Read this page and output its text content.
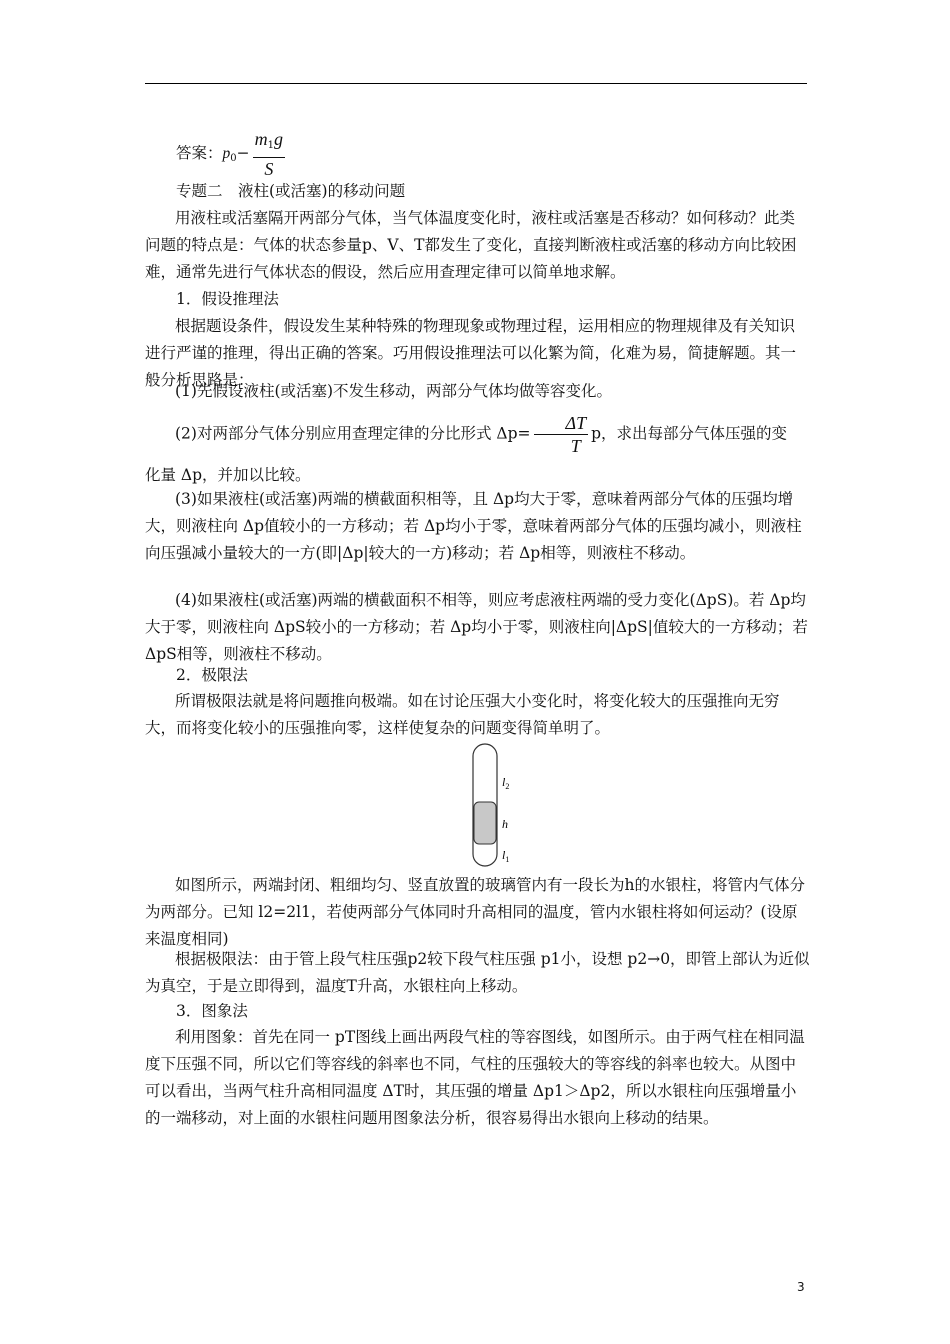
答案：$p_0- \frac{m_1g}{S}$

专题二　液柱(或活塞)的移动问题

用液柱或活塞隔开两部分气体，当气体温度变化时，液柱或活塞是否移动？如何移动？此类问题的特点是：气体的状态参量p、V、T都发生了变化，直接判断液柱或活塞的移动方向比较困难，通常先进行气体状态的假设，然后应用查理定律可以简单地求解。

1．假设推理法

根据题设条件，假设发生某种特殊的物理现象或物理过程，运用相应的物理规律及有关知识进行严谨的推理，得出正确的答案。巧用假设推理法可以化繁为简，化难为易，简捷解题。其一般分析思路是：

(1)先假设液柱(或活塞)不发生移动，两部分气体均做等容变化。

(2)对两部分气体分别应用查理定律的分比形式 $\Delta p= \frac{\Delta T}{T}$ p，求出每部分气体压强的变

化量 Δp，并加以比较。

(3)如果液柱(或活塞)两端的横截面积相等，且 Δp均大于零，意味着两部分气体的压强均增大，则液柱向 Δp值较小的一方移动；若 Δp均小于零，意味着两部分气体的压强均减小，则液柱向压强减小量较大的一方(即|Δp|较大的一方)移动；若 Δp相等，则液柱不移动。

(4)如果液柱(或活塞)两端的横截面积不相等，则应考虑液柱两端的受力变化(ΔpS)。若 Δp均大于零，则液柱向 ΔpS较小的一方移动；若 Δp均小于零，则液柱向|ΔpS|值较大的一方移动；若 ΔpS相等，则液柱不移动。

2．极限法

所谓极限法就是将问题推向极端。如在讨论压强大小变化时，将变化较大的压强推向无穷大，而将变化较小的压强推向零，这样使复杂的问题变得简单明了。

$l_2$
h
$l_1$

如图所示，两端封闭、粗细均匀、竖直放置的玻璃管内有一段长为h的水银柱，将管内气体分为两部分。已知 l2=2l1，若使两部分气体同时升高相同的温度，管内水银柱将如何运动？(设原来温度相同)

根据极限法：由于管上段气柱压强p2较下段气柱压强 p1小，设想 p2→0，即管上部认为近似为真空，于是立即得到，温度T升高，水银柱向上移动。

3．图象法

利用图象：首先在同一 pT图线上画出两段气柱的等容图线，如图所示。由于两气柱在相同温度下压强不同，所以它们等容线的斜率也不同，气柱的压强较大的等容线的斜率也较大。从图中可以看出，当两气柱升高相同温度 ΔT时，其压强的增量 Δp1＞Δp2，所以水银柱向压强增量小的一端移动，对上面的水银柱问题用图象法分析，很容易得出水银向上移动的结果。

3
